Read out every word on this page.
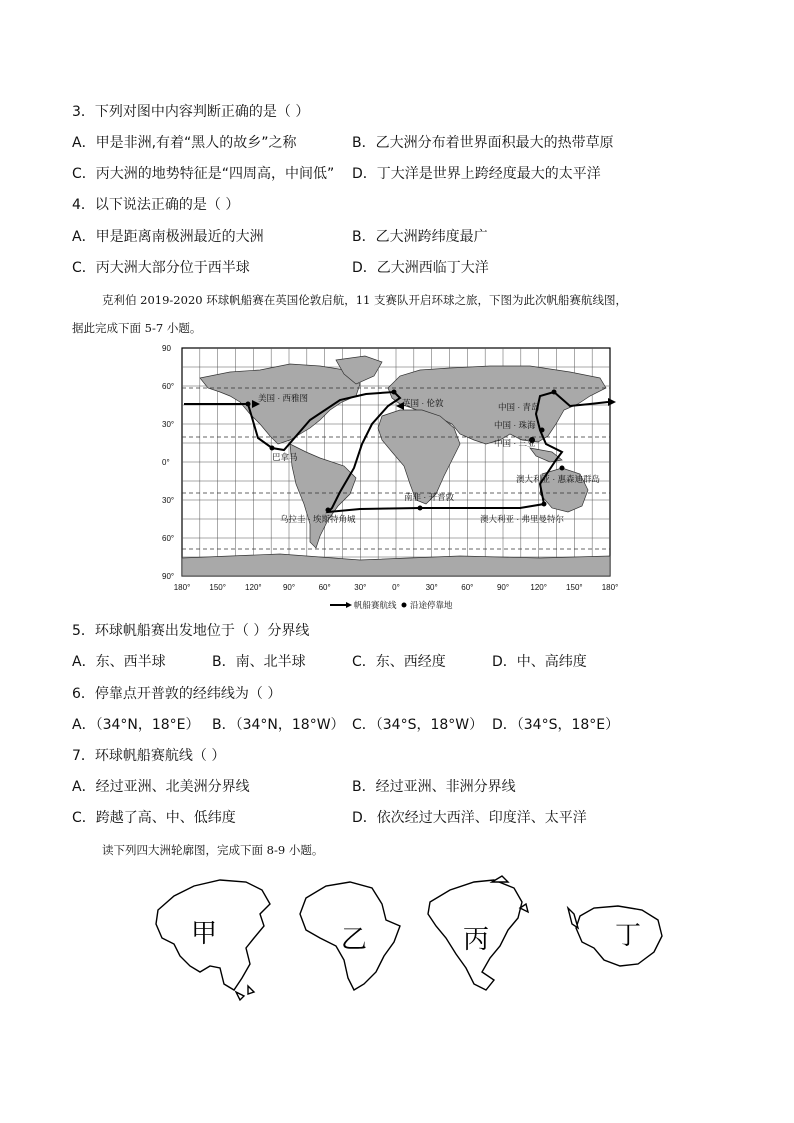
3．下列对图中内容判断正确的是（ ）
A．甲是非洲,有着“黑人的故乡”之称	B．乙大洲分布着世界面积最大的热带草原
C．丙大洲的地势特征是“四周高，中间低” D．丁大洋是世界上跨经度最大的太平洋
4．以下说法正确的是（ ）
A．甲是距离南极洲最近的大洲	B．乙大洲跨纬度最广
C．丙大洲大部分位于西半球	D．乙大洲西临丁大洋
克利伯 2019-2020 环球帆船赛在英国伦敦启航，11 支赛队开启环球之旅，下图为此次帆船赛航线图，
据此完成下面 5-7 小题。
美国 · 西雅图	英国 · 伦敦	中国 · 青岛
中国 · 珠海
中国 · 三亚
巴拿马
澳大利亚 · 惠森迪群岛
南非 · 开普敦
乌拉圭 · 埃斯特角城	澳大利亚 · 弗里曼特尔
90
60°
30°
0°
30°
60°
90°
180° 150° 120°	90°	60°	30°	0°	30°	60°	90°	120° 150° 180°
帆船赛航线 沿途停靠地
5．环球帆船赛出发地位于（ ）分界线
A．东、西半球	B．南、北半球	C．东、西经度	D．中、高纬度
6．停靠点开普敦的经纬线为（ ）
A．（34°N，18°E） B．（34°N，18°W） C．（34°S，18°W） D．（34°S，18°E）
7．环球帆船赛航线（ ）
A．经过亚洲、北美洲分界线	B．经过亚洲、非洲分界线
C．跨越了高、中、低纬度	D．依次经过大西洋、印度洋、太平洋
读下列四大洲轮廓图，完成下面 8-9 小题。
甲	乙	丙	丁
